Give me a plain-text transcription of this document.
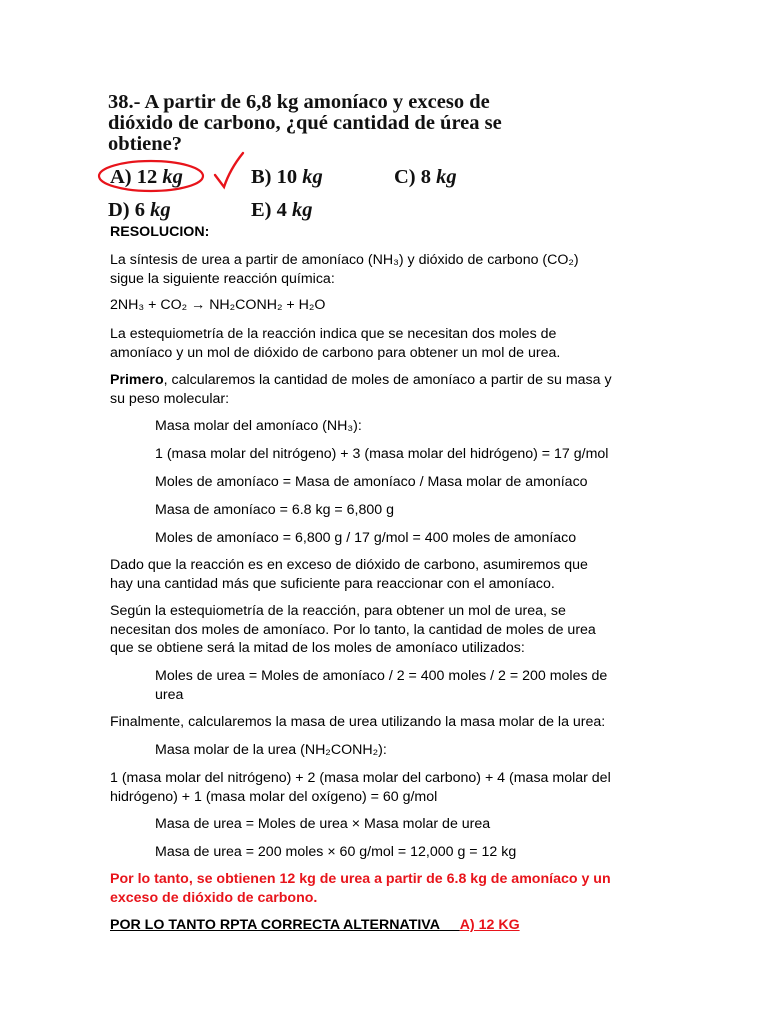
38.- A partir de 6,8 kg amoníaco y exceso de dióxido de carbono, ¿qué cantidad de úrea se obtiene?
A) 12 kg	B) 10 kg	C) 8 kg
D) 6 kg	E) 4 kg
RESOLUCION:
La síntesis de urea a partir de amoníaco (NH₃) y dióxido de carbono (CO₂)
sigue la siguiente reacción química:
2NH₃ + CO₂ → NH₂CONH₂ + H₂O
La estequiometría de la reacción indica que se necesitan dos moles de
amoníaco y un mol de dióxido de carbono para obtener un mol de urea.
Primero, calcularemos la cantidad de moles de amoníaco a partir de su masa y
su peso molecular:
Masa molar del amoníaco (NH₃):
1 (masa molar del nitrógeno) + 3 (masa molar del hidrógeno) = 17 g/mol
Moles de amoníaco = Masa de amoníaco / Masa molar de amoníaco
Masa de amoníaco = 6.8 kg = 6,800 g
Moles de amoníaco = 6,800 g / 17 g/mol = 400 moles de amoníaco
Dado que la reacción es en exceso de dióxido de carbono, asumiremos que
hay una cantidad más que suficiente para reaccionar con el amoníaco.
Según la estequiometría de la reacción, para obtener un mol de urea, se
necesitan dos moles de amoníaco. Por lo tanto, la cantidad de moles de urea
que se obtiene será la mitad de los moles de amoníaco utilizados:
Moles de urea = Moles de amoníaco / 2 = 400 moles / 2 = 200 moles de
urea
Finalmente, calcularemos la masa de urea utilizando la masa molar de la urea:
Masa molar de la urea (NH₂CONH₂):
1 (masa molar del nitrógeno) + 2 (masa molar del carbono) + 4 (masa molar del
hidrógeno) + 1 (masa molar del oxígeno) = 60 g/mol
Masa de urea = Moles de urea × Masa molar de urea
Masa de urea = 200 moles × 60 g/mol = 12,000 g = 12 kg
Por lo tanto, se obtienen 12 kg de urea a partir de 6.8 kg de amoníaco y un
exceso de dióxido de carbono.
POR LO TANTO RPTA CORRECTA ALTERNATIVA A) 12 KG
